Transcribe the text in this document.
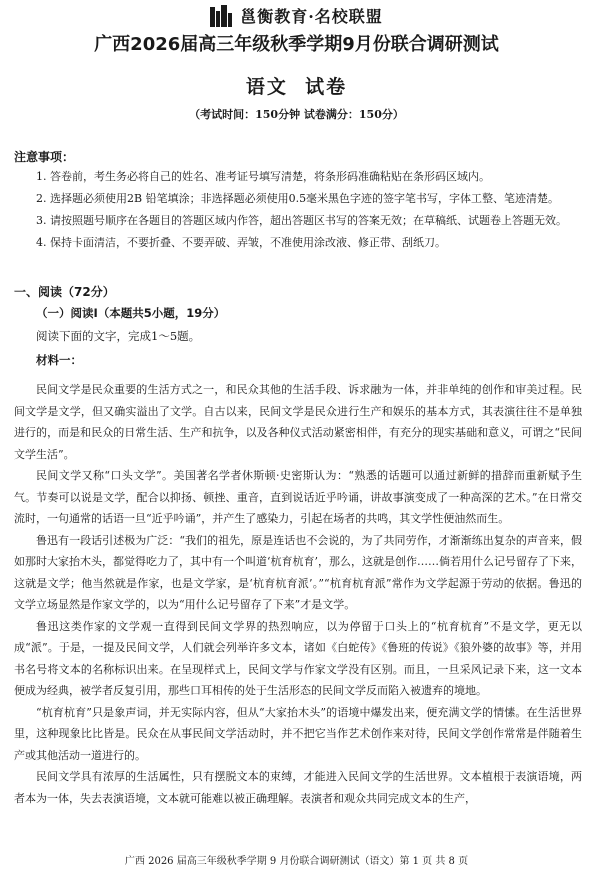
邕衡教育·名校联盟
广西2026届高三年级秋季学期9月份联合调研测试
语文  试卷
（考试时间：150分钟 试卷满分：150分）
注意事项：

1. 答卷前，考生务必将自己的姓名、准考证号填写清楚，将条形码准确粘贴在条形码区域内。

2. 选择题必须使用2B 铅笔填涂；非选择题必须使用0.5毫米黑色字迹的签字笔书写，字体工整、笔迹清楚。

3. 请按照题号顺序在各题目的答题区域内作答，超出答题区书写的答案无效；在草稿纸、试题卷上答题无效。

4. 保持卡面清洁，不要折叠、不要弄破、弄皱，不准使用涂改液、修正带、刮纸刀。

一、阅读（72分）
（一）阅读Ⅰ（本题共5小题，19分）
阅读下面的文字，完成1～5题。
材料一：

民间文学是民众重要的生活方式之一，和民众其他的生活手段、诉求融为一体，并非单纯的创作和审美过程。民间文学是文学，但又确实溢出了文学。自古以来，民间文学是民众进行生产和娱乐的基本方式，其表演往往不是单独进行的，而是和民众的日常生活、生产和抗争，以及各种仪式活动紧密相伴，有充分的现实基础和意义，可谓之“民间文学生活”。

民间文学又称“口头文学”。美国著名学者休斯顿·史密斯认为：“熟悉的话题可以通过新鲜的措辞而重新赋予生气。节奏可以说是文学，配合以抑扬、顿挫、重音，直到说话近乎吟诵，讲故事演变成了一种高深的艺术。”在日常交流时，一句通常的话语一旦“近乎吟诵”，并产生了感染力，引起在场者的共鸣，其文学性便油然而生。

鲁迅有一段话引述极为广泛：“我们的祖先，原是连话也不会说的，为了共同劳作，才渐渐练出复杂的声音来，假如那时大家抬木头，都觉得吃力了，其中有一个叫道‘杭育杭育’，那么，这就是创作……倘若用什么记号留存了下来，这就是文学；他当然就是作家，也是文学家，是‘杭育杭育派’。”“杭育杭育派”常作为文学起源于劳动的依据。鲁迅的文学立场显然是作家文学的，以为“用什么记号留存了下来”才是文学。

鲁迅这类作家的文学观一直得到民间文学界的热烈响应，以为停留于口头上的“杭育杭育”不是文学，更无以成“派”。于是，一提及民间文学，人们就会列举许多文本，诸如《白蛇传》《鲁班的传说》《狼外婆的故事》等，并用书名号将文本的名称标识出来。在呈现样式上，民间文学与作家文学没有区别。而且，一旦采风记录下来，这一文本便成为经典，被学者反复引用，那些口耳相传的处于生活形态的民间文学反而陷入被遗弃的境地。

“杭育杭育”只是象声词，并无实际内容，但从“大家抬木头”的语境中爆发出来，便充满文学的情愫。在生活世界里，这种现象比比皆是。民众在从事民间文学活动时，并不把它当作艺术创作来对待，民间文学创作常常是伴随着生产或其他活动一道进行的。

民间文学具有浓厚的生活属性，只有摆脱文本的束缚，才能进入民间文学的生活世界。文本植根于表演语境，两者本为一体，失去表演语境，文本就可能难以被正确理解。表演者和观众共同完成文本的生产，

广西 2026 届高三年级秋季学期 9 月份联合调研测试（语文）第 1 页 共 8 页
